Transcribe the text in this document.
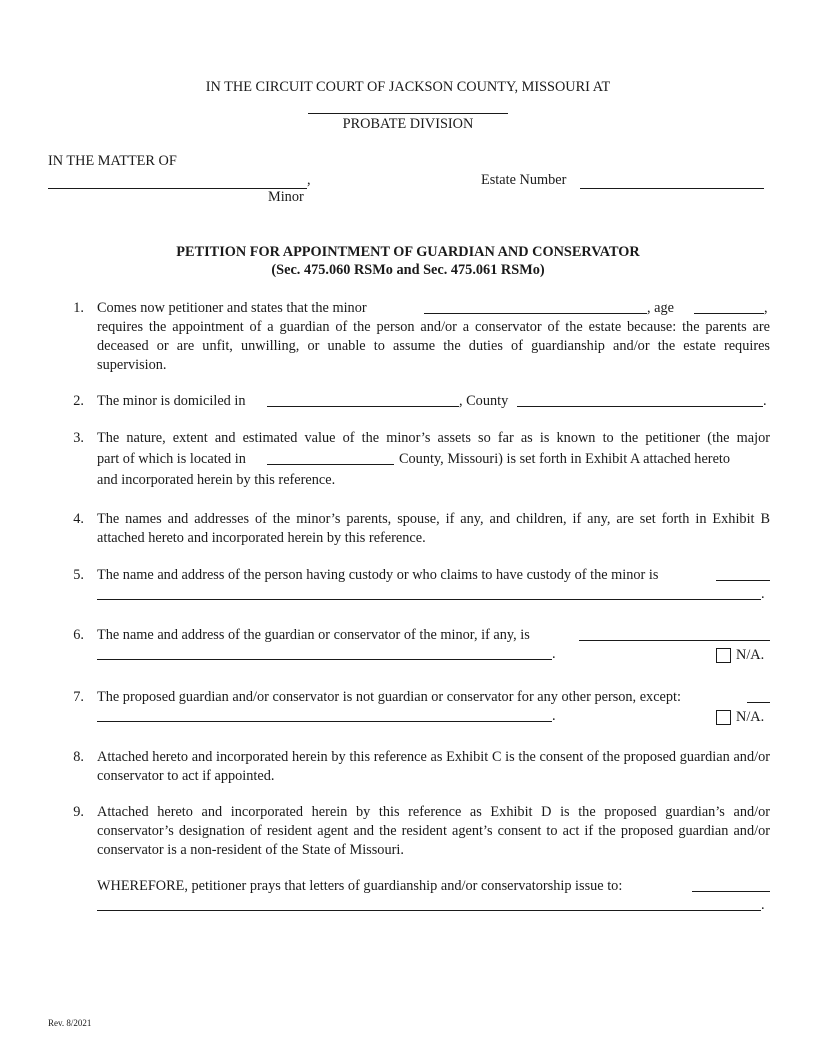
IN THE CIRCUIT COURT OF JACKSON COUNTY, MISSOURI AT
PROBATE DIVISION
IN THE MATTER OF
,
Minor
Estate Number
PETITION FOR APPOINTMENT OF GUARDIAN AND CONSERVATOR
(Sec. 475.060 RSMo and Sec. 475.061 RSMo)
1. Comes now petitioner and states that the minor	, age	,
requires the appointment of a guardian of the person and/or a conservator of the estate because: the parents are deceased or are unfit, unwilling, or unable to assume the duties of guardianship and/or the estate requires supervision.
2. The minor is domiciled in	, County	.
3. The nature, extent and estimated value of the minor’s assets so far as is known to the petitioner (the major
part of which is located in	County, Missouri) is set forth in Exhibit A attached hereto
and incorporated herein by this reference.
4. The names and addresses of the minor’s parents, spouse, if any, and children, if any, are set forth in Exhibit B attached hereto and incorporated herein by this reference.
5. The name and address of the person having custody or who claims to have custody of the minor is
.
6. The name and address of the guardian or conservator of the minor, if any, is
.	N/A.
7. The proposed guardian and/or conservator is not guardian or conservator for any other person, except:
.	N/A.
8. Attached hereto and incorporated herein by this reference as Exhibit C is the consent of the proposed guardian and/or conservator to act if appointed.
9. Attached hereto and incorporated herein by this reference as Exhibit D is the proposed guardian’s and/or conservator’s designation of resident agent and the resident agent’s consent to act if the proposed guardian and/or conservator is a non-resident of the State of Missouri.
WHEREFORE, petitioner prays that letters of guardianship and/or conservatorship issue to:
.
Rev. 8/2021
